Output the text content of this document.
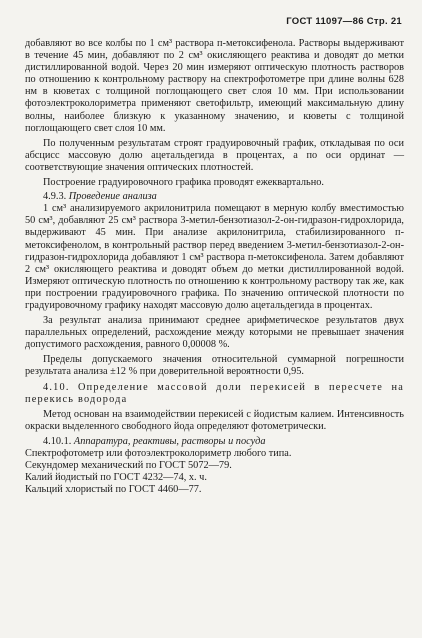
ГОСТ 11097—86 Стр. 21

добавляют во все колбы по 1 см³ раствора п-метоксифенола. Растворы выдерживают в течение 45 мин, добавляют по 2 см³ окисляющего реактива и доводят до метки дистиллированной водой. Через 20 мин измеряют оптическую плотность растворов по отношению к контрольному раствору на спектрофотометре при длине волны 628 нм в кюветах с толщиной поглощающего свет слоя 10 мм. При использовании фотоэлектроколориметра применяют светофильтр, имеющий максимальную длину волны, наиболее близкую к указанному значению, и кюветы с толщиной поглощающего свет слоя 10 мм.

По полученным результатам строят градуировочный график, откладывая по оси абсцисс массовую долю ацетальдегида в процентах, а по оси ординат — соответствующие значения оптических плотностей.

Построение градуировочного графика проводят ежеквартально.

4.9.3. Проведение анализа

1 см³ анализируемого акрилонитрила помещают в мерную колбу вместимостью 50 см³, добавляют 25 см³ раствора 3-метил-бензотиазол-2-он-гидразон-гидрохлорида, выдерживают 45 мин. При анализе акрилонитрила, стабилизированного п-метоксифенолом, в контрольный раствор перед введением 3-метил-бензотиазол-2-он-гидразон-гидрохлорида добавляют 1 см³ раствора п-метоксифенола. Затем добавляют 2 см³ окисляющего реактива и доводят объем до метки дистиллированной водой. Измеряют оптическую плотность по отношению к контрольному раствору так же, как при построении градуировочного графика. По значению оптической плотности по градуировочному графику находят массовую долю ацетальдегида в процентах.

За результат анализа принимают среднее арифметическое результатов двух параллельных определений, расхождение между которыми не превышает значения допустимого расхождения, равного 0,00008 %.

Пределы допускаемого значения относительной суммарной погрешности результата анализа ±12 % при доверительной вероятности 0,95.

4.10. Определение массовой доли перекисей в пересчете на перекись водорода

Метод основан на взаимодействии перекисей с йодистым калием. Интенсивность окраски выделенного свободного йода определяют фотометрически.

4.10.1. Аппаратура, реактивы, растворы и посуда

Спектрофотометр или фотоэлектроколориметр любого типа.

Секундомер механический по ГОСТ 5072—79.

Калий йодистый по ГОСТ 4232—74, х. ч.

Кальций хлористый по ГОСТ 4460—77.
